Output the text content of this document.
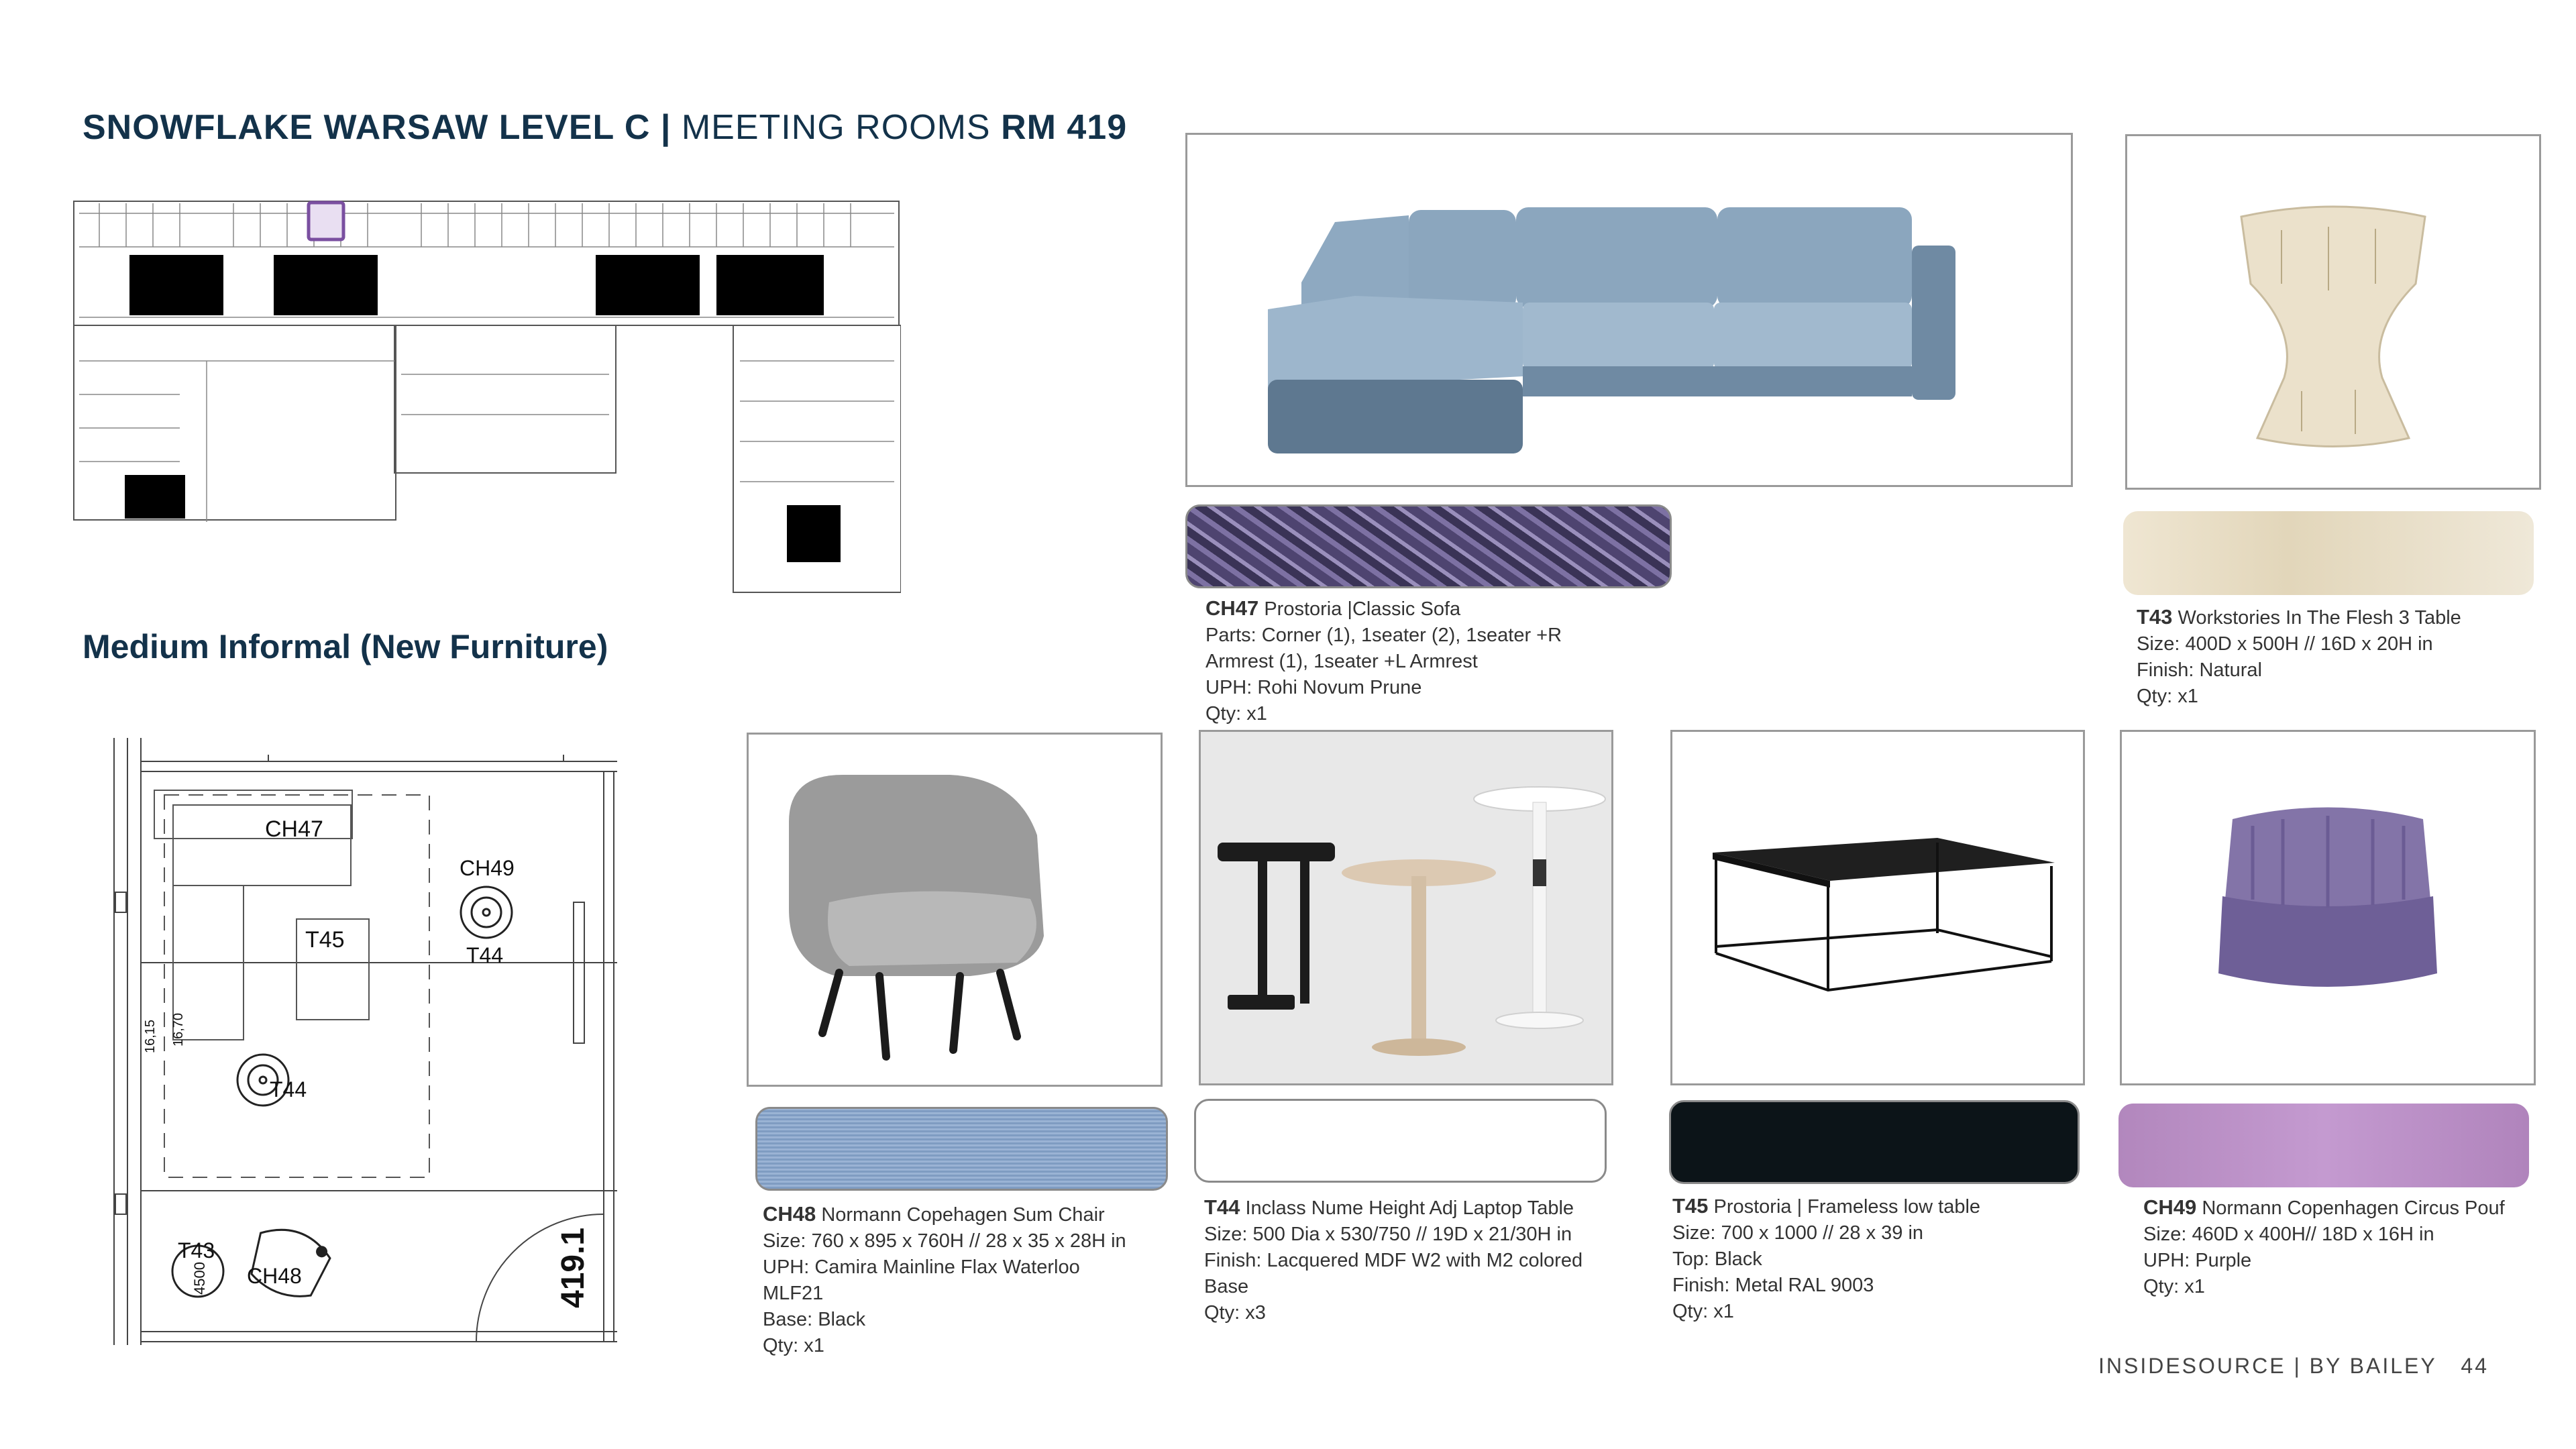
SNOWFLAKE WARSAW LEVEL C | MEETING ROOMS RM 419
Medium Informal (New Furniture)
CH47
CH49
T45
T44
T44
T43
CH48
16,15 16,70
4500	419.1
CH47 Prostoria |Classic Sofa
Parts: Corner (1), 1seater (2), 1seater +R
Armrest (1), 1seater +L Armrest
UPH: Rohi Novum Prune
Qty: x1
T43 Workstories In The Flesh 3 Table
Size: 400D x 500H // 16D x 20H in
Finish: Natural
Qty: x1
CH48 Normann Copehagen Sum Chair
Size: 760 x 895 x 760H // 28 x 35 x 28H in
UPH: Camira Mainline Flax Waterloo
MLF21
Base: Black
Qty: x1
T44 Inclass Nume Height Adj Laptop Table
Size: 500 Dia x 530/750 // 19D x 21/30H in
Finish: Lacquered MDF W2 with M2 colored
Base
Qty: x3
T45 Prostoria | Frameless low table
Size: 700 x 1000 // 28 x 39 in
Top: Black
Finish: Metal RAL 9003
Qty: x1
CH49 Normann Copenhagen Circus Pouf
Size: 460D x 400H// 18D x 16H in
UPH: Purple
Qty: x1
INSIDESOURCE | BY BAILEY 44
